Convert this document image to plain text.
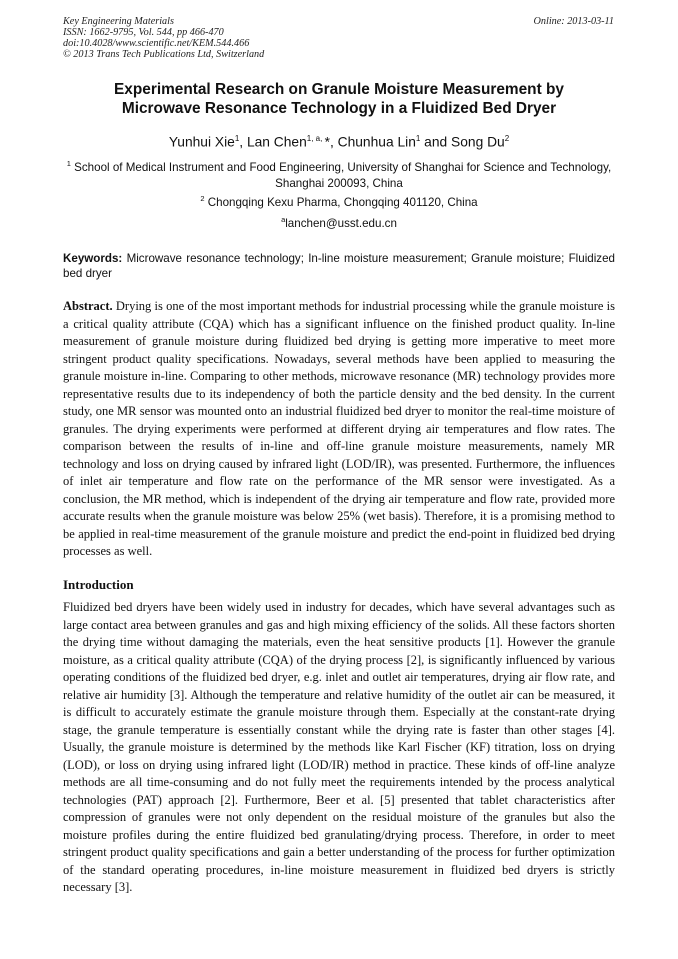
Key Engineering Materials
ISSN: 1662-9795, Vol. 544, pp 466-470
doi:10.4028/www.scientific.net/KEM.544.466
© 2013 Trans Tech Publications Ltd, Switzerland
Online: 2013-03-11
Experimental Research on Granule Moisture Measurement by
Microwave Resonance Technology in a Fluidized Bed Dryer
Yunhui Xie$^1$, Lan Chen$^{1, a,}$ *, Chunhua Lin$^1$ and Song Du$^2$
$^1$ School of Medical Instrument and Food Engineering, University of Shanghai for Science and Technology, Shanghai 200093, China
$^2$ Chongqing Kexu Pharma, Chongqing 401120, China
$^a$lanchen@usst.edu.cn
Keywords: Microwave resonance technology; In-line moisture measurement; Granule moisture; Fluidized bed dryer
Abstract. Drying is one of the most important methods for industrial processing while the granule moisture is a critical quality attribute (CQA) which has a significant influence on the finished product quality. In-line measurement of granule moisture during fluidized bed drying is getting more imperative to meet more stringent product quality specifications. Nowadays, several methods have been applied to measuring the granule moisture in-line. Comparing to other methods, microwave resonance (MR) technology provides more representative results due to its independency of both the particle density and the bed density. In the current study, one MR sensor was mounted onto an industrial fluidized bed dryer to monitor the real-time moisture of granules. The drying experiments were performed at different drying air temperatures and flow rates. The comparison between the results of in-line and off-line granule moisture measurements, namely MR technology and loss on drying caused by infrared light (LOD/IR), was presented. Furthermore, the influences of inlet air temperature and flow rate on the performance of the MR sensor were investigated. As a conclusion, the MR method, which is independent of the drying air temperature and flow rate, provided more accurate results when the granule moisture was below 25% (wet basis). Therefore, it is a promising method to be applied in real-time measurement of the granule moisture and predict the end-point in fluidized bed drying processes as well.
Introduction
Fluidized bed dryers have been widely used in industry for decades, which have several advantages such as large contact area between granules and gas and high mixing efficiency of the solids. All these factors shorten the drying time without damaging the materials, even the heat sensitive products [1]. However the granule moisture, as a critical quality attribute (CQA) of the drying process [2], is significantly influenced by various operating conditions of the fluidized bed dryer, e.g. inlet and outlet air temperatures, drying air flow rate, and relative air humidity [3]. Although the temperature and relative humidity of the outlet air can be measured, it is difficult to accurately estimate the granule moisture through them. Especially at the constant-rate drying stage, the granule temperature is essentially constant while the drying rate is faster than other stages [4]. Usually, the granule moisture is determined by the methods like Karl Fischer (KF) titration, loss on drying (LOD), or loss on drying using infrared light (LOD/IR) method in practice. These kinds of off-line analyze methods are all time-consuming and do not fully meet the requirements intended by the process analytical technologies (PAT) approach [2]. Furthermore, Beer et al. [5] presented that tablet characteristics after compression of granules were not only dependent on the residual moisture of the granules but also the moisture profiles during the entire fluidized bed granulating/drying process. Therefore, in order to meet stringent product quality specifications and gain a better understanding of the process for further optimization of the standard operating procedures, in-line moisture measurement in fluidized bed dryers is strictly necessary [3].
